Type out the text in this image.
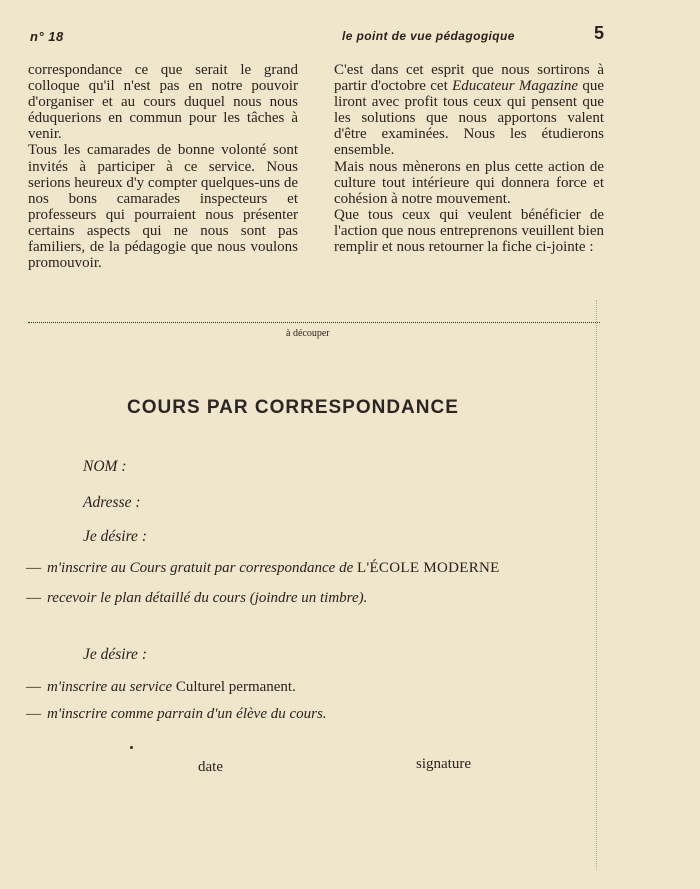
n° 18	le point de vue pédagogique	5

correspondance ce que serait le grand colloque qu'il n'est pas en notre pouvoir d'organiser et au cours duquel nous nous éduquerions en commun pour les tâches à venir.

Tous les camarades de bonne volonté sont invités à participer à ce service. Nous serions heureux d'y compter quelques-uns de nos bons camarades inspecteurs et professeurs qui pourraient nous présenter certains aspects qui ne nous sont pas familiers, de la pédagogie que nous voulons promouvoir.

C'est dans cet esprit que nous sortirons à partir d'octobre cet Educateur Magazine que liront avec profit tous ceux qui pensent que les solutions que nous apportons valent d'être examinées. Nous les étudierons ensemble.

Mais nous mènerons en plus cette action de culture tout intérieure qui donnera force et cohésion à notre mouvement.

Que tous ceux qui veulent bénéficier de l'action que nous entreprenons veuillent bien remplir et nous retourner la fiche ci-jointe :

à découper
COURS PAR CORRESPONDANCE
NOM :
Adresse :
Je désire :
— m'inscrire au Cours gratuit par correspondance de L'ÉCOLE MODERNE
— recevoir le plan détaillé du cours (joindre un timbre).
Je désire :
— m'inscrire au service Culturel permanent.
— m'inscrire comme parrain d'un élève du cours.
date	signature
